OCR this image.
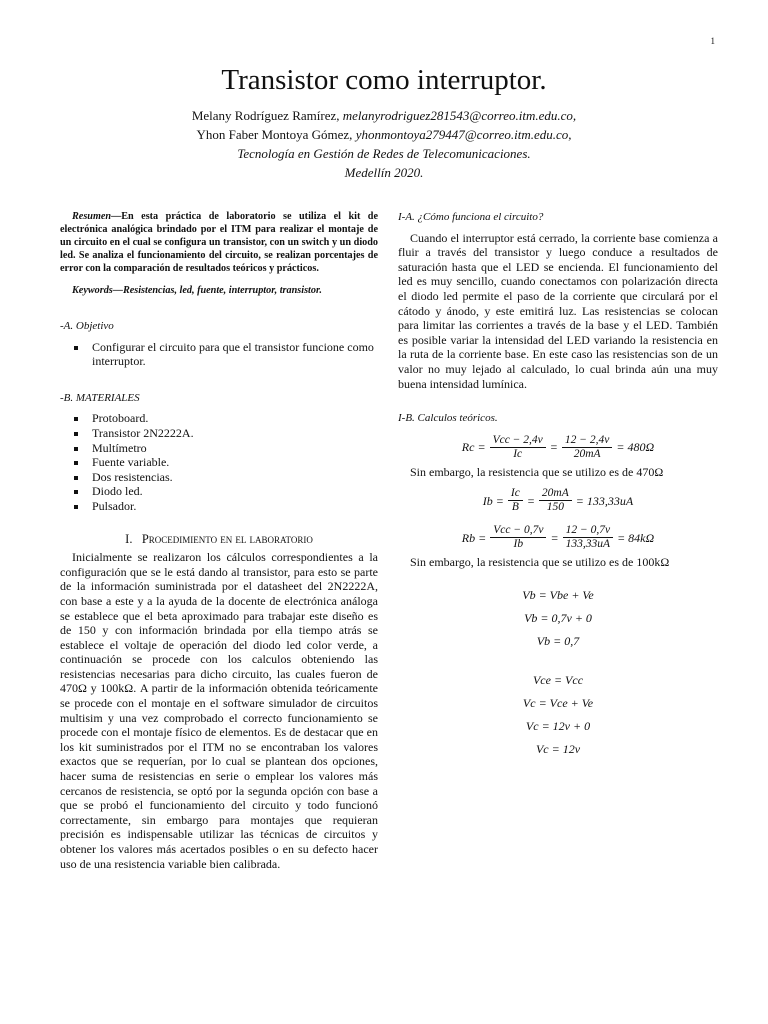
1
Transistor como interruptor.
Melany Rodríguez Ramírez, melanyrodriguez281543@correo.itm.edu.co,
Yhon Faber Montoya Gómez, yhonmontoya279447@correo.itm.edu.co,
Tecnología en Gestión de Redes de Telecomunicaciones.
Medellín 2020.

Resumen—En esta práctica de laboratorio se utiliza el kit de electrónica analógica brindado por el ITM para realizar el montaje de un circuito en el cual se configura un transistor, con un switch y un diodo led. Se analiza el funcionamiento del circuito, se realizan porcentajes de error con la comparación de resultados teóricos y prácticos.

Keywords—Resistencias, led, fuente, interruptor, transistor.

-A. Objetivo
Configurar el circuito para que el transistor funcione como interruptor.
-B. MATERIALES
Protoboard.
Transistor 2N2222A.
Multímetro
Fuente variable.
Dos resistencias.
Diodo led.
Pulsador.
I. Procedimiento en el laboratorio

Inicialmente se realizaron los cálculos correspondientes a la configuración que se le está dando al transistor, para esto se parte de la información suministrada por el datasheet del 2N2222A, con base a este y a la ayuda de la docente de electrónica análoga se establece que el beta aproximado para trabajar este diseño es de 150 y con información brindada por ella tiempo atrás se establece el voltaje de operación del diodo led color verde, a continuación se procede con los calculos obteniendo las resistencias necesarias para dicho circuito, las cuales fueron de 470Ω y 100kΩ. A partir de la información obtenida teóricamente se procede con el montaje en el software simulador de circuitos multisim y una vez comprobado el correcto funcionamiento se procede con el montaje físico de elementos. Es de destacar que en los kit suministrados por el ITM no se encontraban los valores exactos que se requerían, por lo cual se plantean dos opciones, hacer suma de resistencias en serie o emplear los valores más cercanos de resistencia, se optó por la segunda opción con base a que se probó el funcionamiento del circuito y todo funcionó correctamente, sin embargo para montajes que requieran precisión es indispensable utilizar las técnicas de circuitos y obtener los valores más acertados posibles o en su defecto hacer uso de una resistencia variable bien calibrada.

I-A. ¿Cómo funciona el circuito?

Cuando el interruptor está cerrado, la corriente base comienza a fluir a través del transistor y luego conduce a resultados de saturación hasta que el LED se encienda. El funcionamiento del led es muy sencillo, cuando conectamos con polarización directa el diodo led permite el paso de la corriente que circulará por el cátodo y ánodo, y este emitirá luz. Las resistencias se colocan para limitar las corrientes a través de la base y el LED. También es posible variar la intensidad del LED variando la resistencia en la ruta de la corriente base. En este caso las resistencias son de un valor no muy lejado al calculado, lo cual brinda aún una muy buena intensidad lumínica.

I-B. Calculos teóricos.
$Rc = \frac{\text{Vcc − 2,4v}}{Ic} = \frac{12 - 2,4v}{20mA} = 480\Omega$

Sin embargo, la resistencia que se utilizo es de 470Ω

$Ib = \frac{Ic}{B} = \frac{20mA}{150} = 133,33uA$
$Rb = \frac{\text{Vcc − 0,7v}}{Ib} = \frac{12 - 0,7v}{133,33uA} = 84k\Omega$

Sin embargo, la resistencia que se utilizo es de 100kΩ

Vb = Vbe + Ve

Vb = 0,7v + 0

Vb = 0,7

Vce = Vcc

Vc = Vce + Ve

Vc = 12v + 0

Vc = 12v
